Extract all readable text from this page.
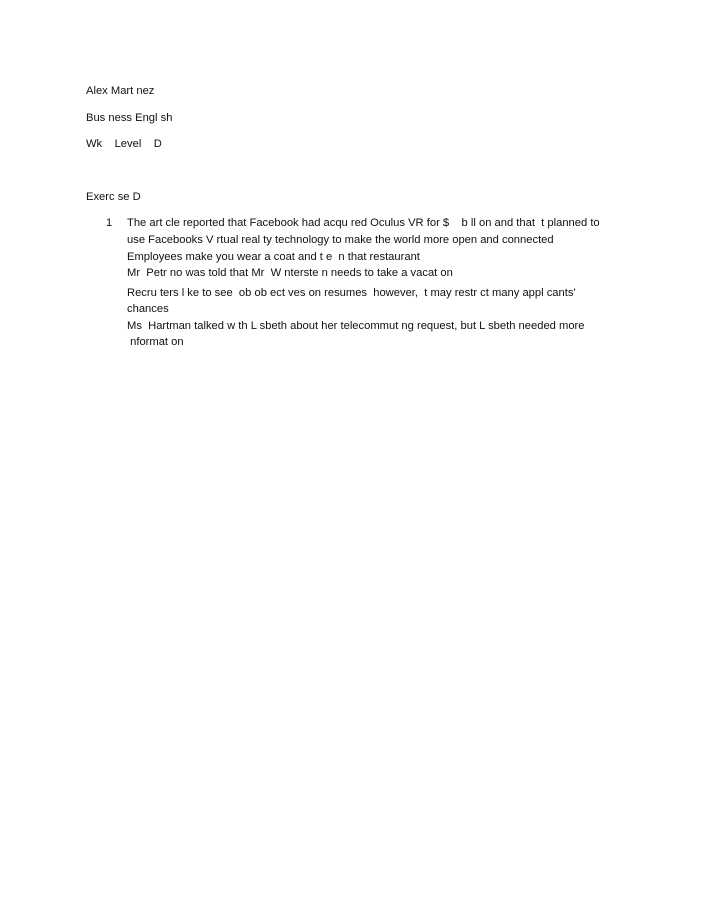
Alex Mart nez
Bus ness Engl sh
Wk    Level    D
Exerc se D
1	The art cle reported that Facebook had acqu red Oculus VR for $    b ll on and that  t planned to
use Facebooks V rtual real ty technology to make the world more open and connected
Employees make you wear a coat and t e  n that restaurant
Mr  Petr no was told that Mr  W nterste n needs to take a vacat on
Recru ters l ke to see  ob ob ect ves on resumes  however,  t may restr ct many appl cants'
chances
Ms  Hartman talked w th L sbeth about her telecommut ng request, but L sbeth needed more
nformat on
